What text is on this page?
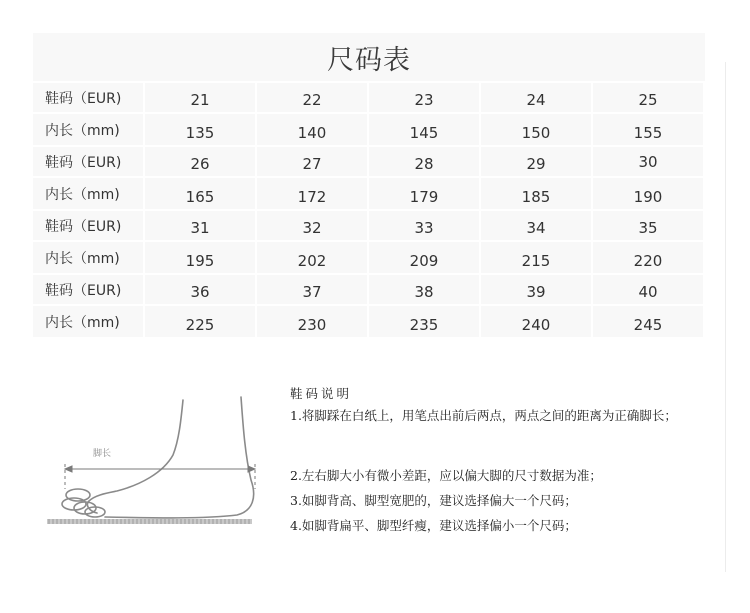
尺码表					
鞋码（EUR)	21	22	23	24	25
内长（mm)	135	140	145	150	155
鞋码（EUR)	26	27	28	29	30
内长（mm)	165	172	179	185	190
鞋码（EUR)	31	32	33	34	35
内长（mm)	195	202	209	215	220
鞋码（EUR)	36	37	38	39	40
内长（mm)	225	230	235	240	245
脚长
鞋码说明
1.将脚踩在白纸上，用笔点出前后两点，两点之间的距离为正确脚长；
2.左右脚大小有微小差距，应以偏大脚的尺寸数据为准；
3.如脚背高、脚型宽肥的，建议选择偏大一个尺码；
4.如脚背扁平、脚型纤瘦，建议选择偏小一个尺码；
